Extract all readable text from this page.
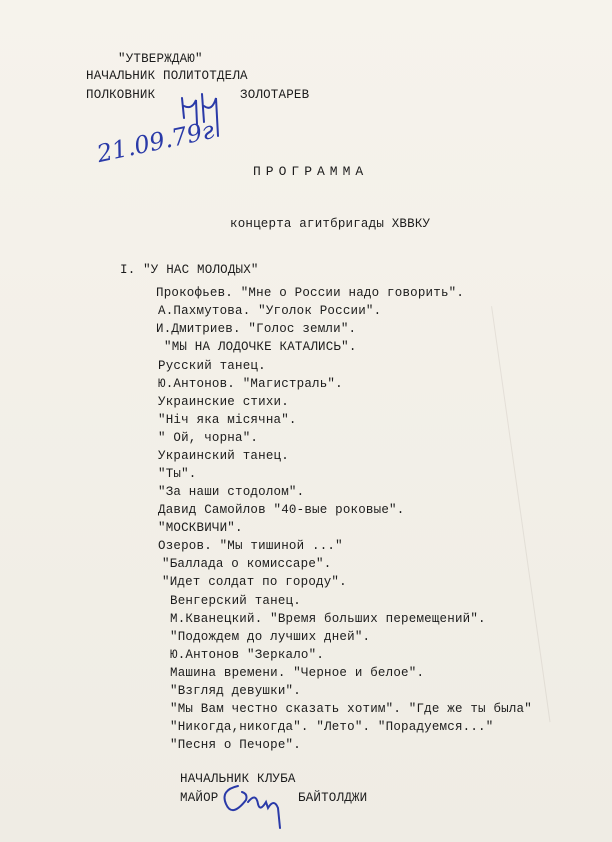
"УТВЕРЖДАЮ"
НАЧАЛЬНИК ПОЛИТОТДЕЛА
ПОЛКОВНИК	ЗОЛОТАРЕВ
21.09.79г
ПРОГРАММА
концерта агитбригады ХВВКУ
I. "У НАС МОЛОДЫХ"
Прокофьев. "Мне о России надо говорить".
А.Пахмутова. "Уголок России".
И.Дмитриев. "Голос земли".
"МЫ НА ЛОДОЧКЕ КАТАЛИСЬ".
Русский танец.
Ю.Антонов. "Магистраль".
Украинские стихи.
"Нiч яка мiсячна".
" Ой, чорна".
Украинский танец.
"Ты".
"За наши стодолом".
Давид Самойлов "40-вые роковые".
"МОСКВИЧИ".
Озеров. "Мы тишиной ..."
"Баллада о комиссаре".
"Идет солдат по городу".
Венгерский танец.
М.Кванецкий. "Время больших перемещений".
"Подождем до лучших дней".
Ю.Антонов "Зеркало".
Машина времени. "Черное и белое".
"Взгляд девушки".
"Мы Вам честно сказать хотим". "Где же ты была"
"Никогда,никогда". "Лето". "Порадуемся..."
"Песня о Печоре".
НАЧАЛЬНИК КЛУБА
МАЙОР	БАЙТОЛДЖИ
